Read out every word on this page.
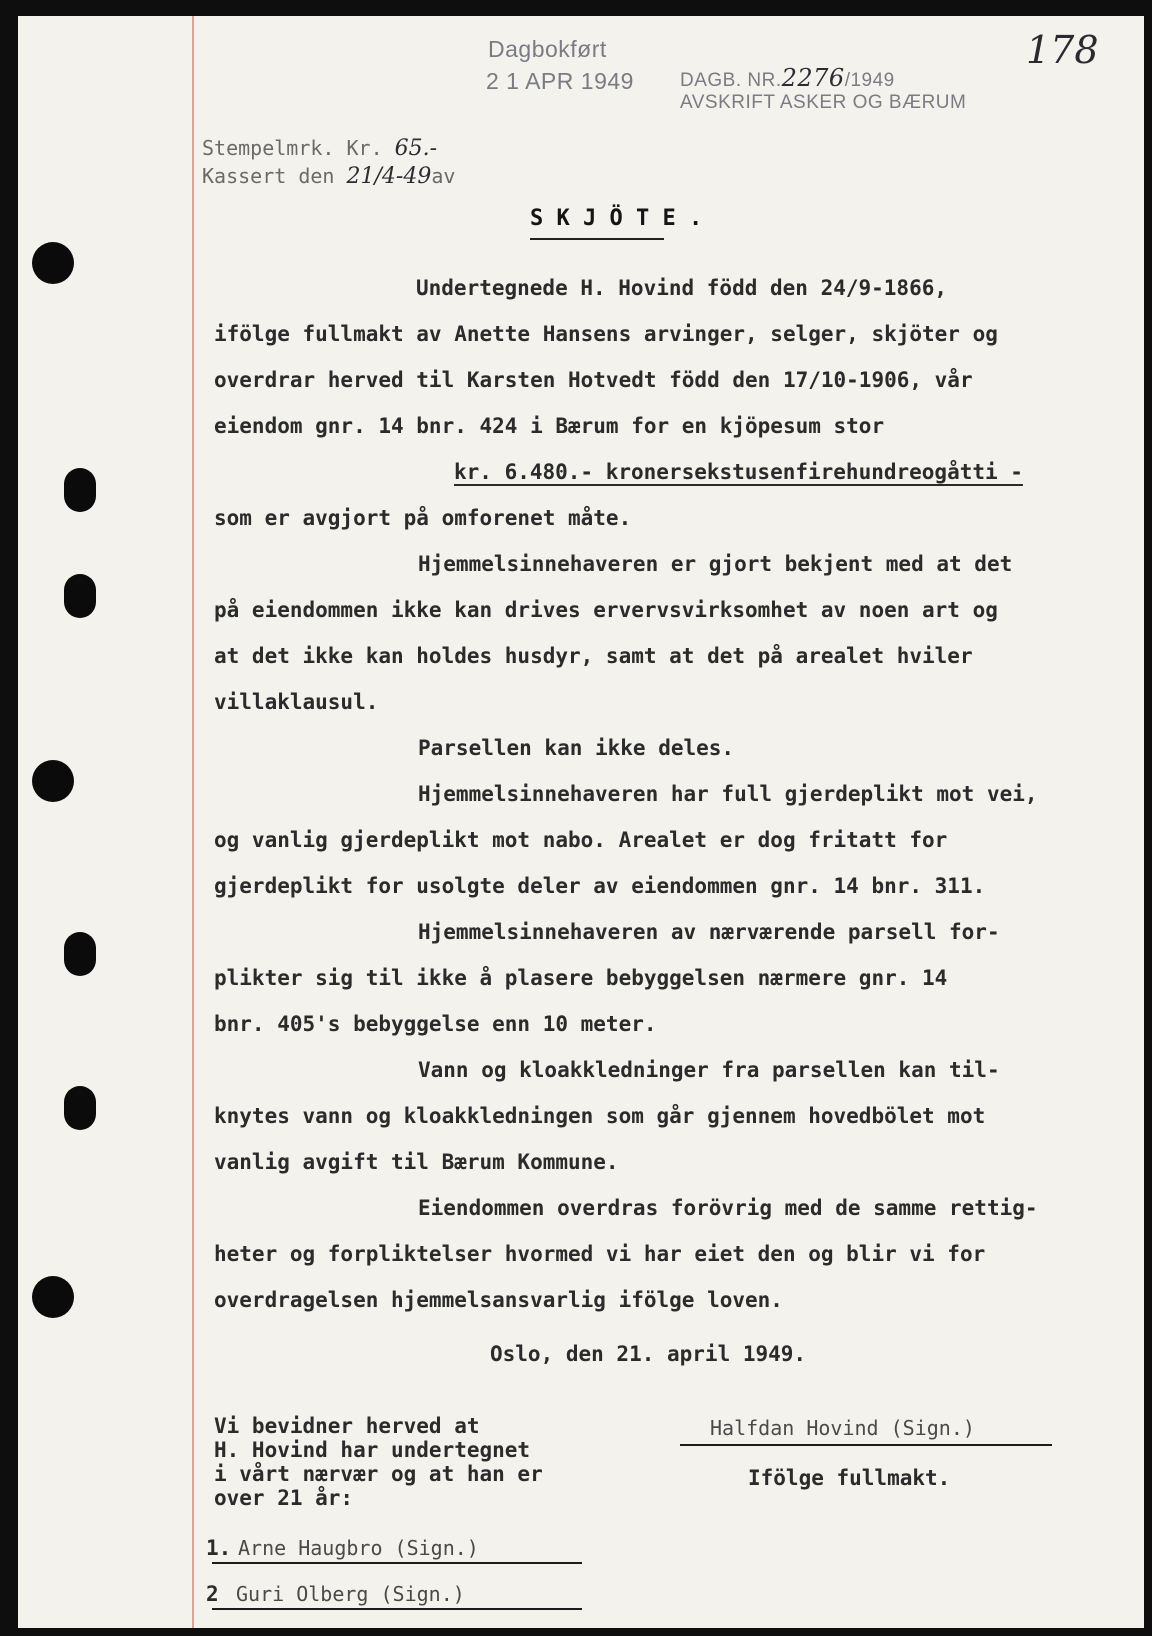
Dagbokført
2 1 APR 1949 DAGB. NR.2276/1949
AVSKRIFT ASKER OG BÆRUM
178
Stempelmrk. Kr. 65.-
Kassert den 21/4-49av
S K J Ö T E .
Undertegnede H. Hovind född den 24/9-1866,
ifölge fullmakt av Anette Hansens arvinger, selger, skjöter og
overdrar herved til Karsten Hotvedt född den 17/10-1906, vår
eiendom gnr. 14 bnr. 424 i Bærum for en kjöpesum stor
kr. 6.480.- kronersekstusenfirehundreogåtti -
som er avgjort på omforenet måte.
Hjemmelsinnehaveren er gjort bekjent med at det
på eiendommen ikke kan drives ervervsvirksomhet av noen art og
at det ikke kan holdes husdyr, samt at det på arealet hviler
villaklausul.
Parsellen kan ikke deles.
Hjemmelsinnehaveren har full gjerdeplikt mot vei,
og vanlig gjerdeplikt mot nabo. Arealet er dog fritatt for
gjerdeplikt for usolgte deler av eiendommen gnr. 14 bnr. 311.
Hjemmelsinnehaveren av nærværende parsell for-
plikter sig til ikke å plasere bebyggelsen nærmere gnr. 14
bnr. 405's bebyggelse enn 10 meter.
Vann og kloakkledninger fra parsellen kan til-
knytes vann og kloakkledningen som går gjennem hovedbölet mot
vanlig avgift til Bærum Kommune.
Eiendommen overdras forövrig med de samme rettig-
heter og forpliktelser hvormed vi har eiet den og blir vi for
overdragelsen hjemmelsansvarlig ifölge loven.
Oslo, den 21. april 1949.
Vi bevidner herved at
H. Hovind har undertegnet
i vårt nærvær og at han er
over 21 år:
Halfdan Hovind (Sign.)
Ifölge fullmakt.
1. Arne Haugbro (Sign.)
2 Guri Olberg (Sign.)
